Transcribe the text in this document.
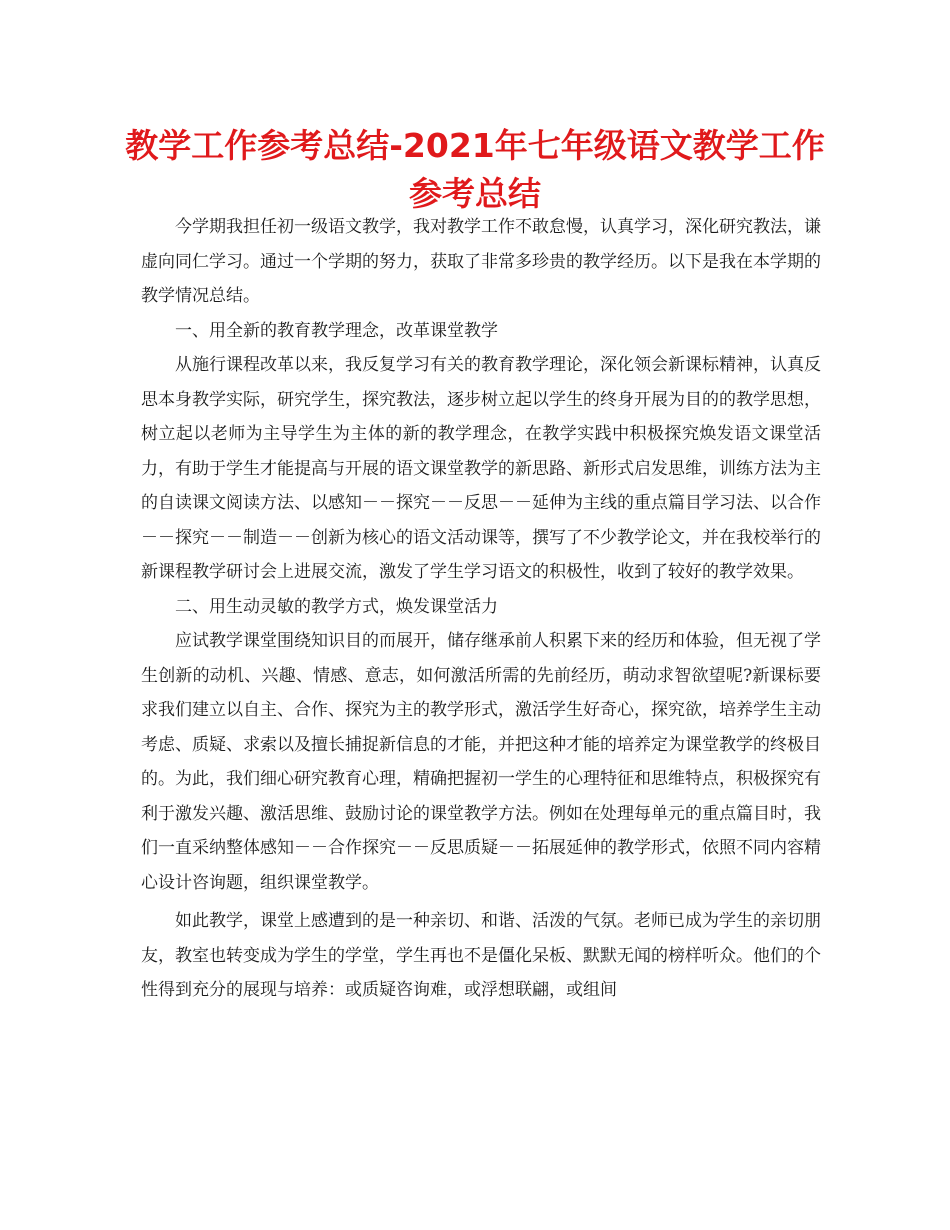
教学工作参考总结-2021年七年级语文教学工作
参考总结

今学期我担任初一级语文教学，我对教学工作不敢怠慢，认真学习，深化研究教法，谦虚向同仁学习。通过一个学期的努力，获取了非常多珍贵的教学经历。以下是我在本学期的教学情况总结。

一、用全新的教育教学理念，改革课堂教学

从施行课程改革以来，我反复学习有关的教育教学理论，深化领会新课标精神，认真反思本身教学实际，研究学生，探究教法，逐步树立起以学生的终身开展为目的的教学思想，树立起以老师为主导学生为主体的新的教学理念，在教学实践中积极探究焕发语文课堂活力，有助于学生才能提高与开展的语文课堂教学的新思路、新形式启发思维，训练方法为主的自读课文阅读方法、以感知－－探究－－反思－－延伸为主线的重点篇目学习法、以合作－－探究－－制造－－创新为核心的语文活动课等，撰写了不少教学论文，并在我校举行的新课程教学研讨会上进展交流，激发了学生学习语文的积极性，收到了较好的教学效果。

二、用生动灵敏的教学方式，焕发课堂活力

应试教学课堂围绕知识目的而展开，储存继承前人积累下来的经历和体验，但无视了学生创新的动机、兴趣、情感、意志，如何激活所需的先前经历，萌动求智欲望呢?新课标要求我们建立以自主、合作、探究为主的教学形式，激活学生好奇心，探究欲，培养学生主动考虑、质疑、求索以及擅长捕捉新信息的才能，并把这种才能的培养定为课堂教学的终极目的。为此，我们细心研究教育心理，精确把握初一学生的心理特征和思维特点，积极探究有利于激发兴趣、激活思维、鼓励讨论的课堂教学方法。例如在处理每单元的重点篇目时，我们一直采纳整体感知－－合作探究－－反思质疑－－拓展延伸的教学形式，依照不同内容精心设计咨询题，组织课堂教学。

如此教学，课堂上感遭到的是一种亲切、和谐、活泼的气氛。老师已成为学生的亲切朋友，教室也转变成为学生的学堂，学生再也不是僵化呆板、默默无闻的榜样听众。他们的个性得到充分的展现与培养：或质疑咨询难，或浮想联翩，或组间
